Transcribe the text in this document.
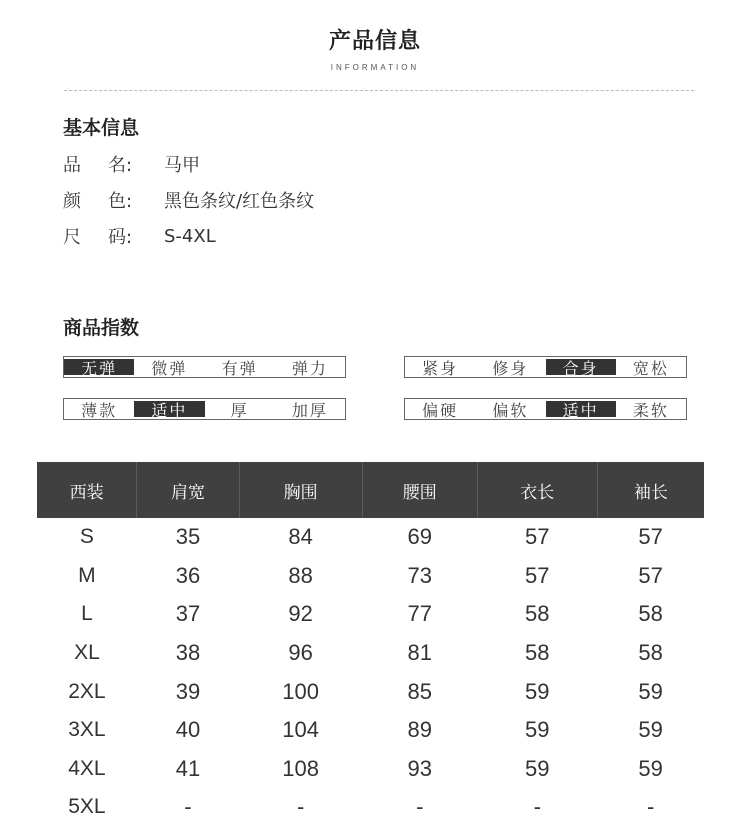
产品信息
INFORMATION
基本信息
品	名:	马甲
颜	色:	黑色条纹/红色条纹
尺	码:	S-4XL
商品指数
无弹	微弹	有弹	弹力	紧身	修身	合身	宽松
薄款	适中	厚	加厚	偏硬	偏软	适中	柔软
西装	肩宽	胸围	腰围	衣长	袖长
S	35	84	69	57	57
M	36	88	73	57	57
L	37	92	77	58	58
XL	38	96	81	58	58
2XL	39	100	85	59	59
3XL	40	104	89	59	59
4XL	41	108	93	59	59
5XL	-	-	-	-	-
